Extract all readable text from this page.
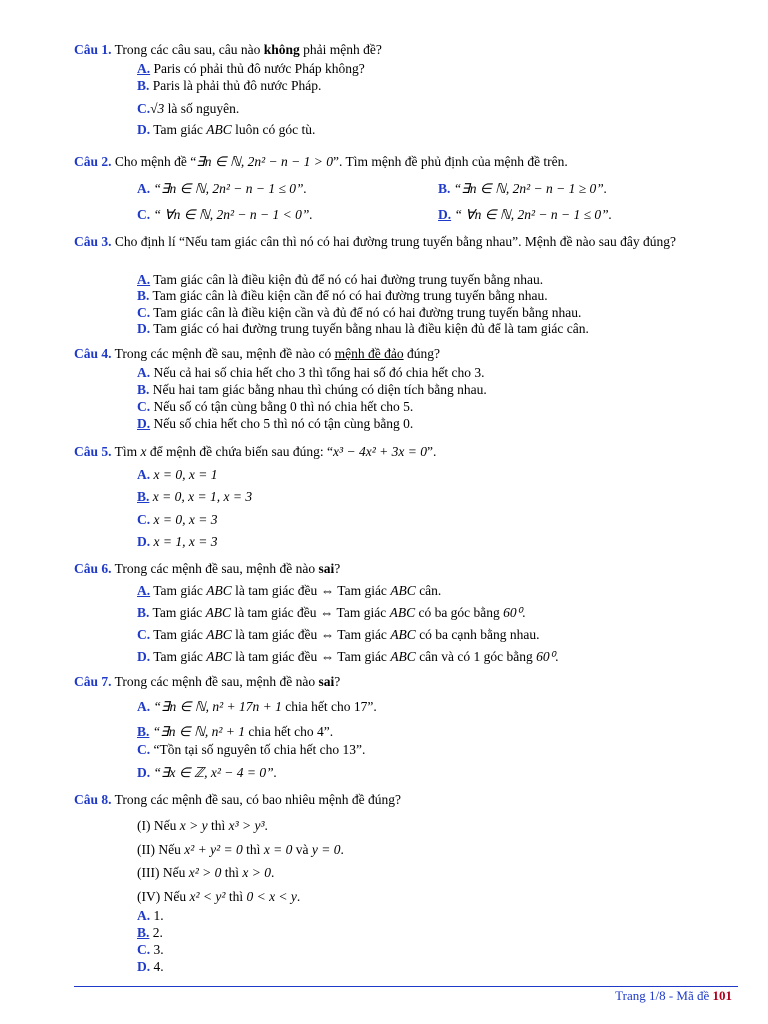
Câu 1. Trong các câu sau, câu nào không phải mệnh đề?
A. Paris có phải thủ đô nước Pháp không?
B. Paris là phải thủ đô nước Pháp.
C.√3 là số nguyên.
D. Tam giác ABC luôn có góc tù.
Câu 2. Cho mệnh đề “∃n ∈ ℕ, 2n² − n − 1 > 0”. Tìm mệnh đề phủ định của mệnh đề trên.
A. “∃n ∈ ℕ, 2n² − n − 1 ≤ 0”.	B. “∃n ∈ ℕ, 2n² − n − 1 ≥ 0”.
C. “ ∀n ∈ ℕ, 2n² − n − 1 < 0”.	D. “ ∀n ∈ ℕ, 2n² − n − 1 ≤ 0”.
Câu 3. Cho định lí “Nếu tam giác cân thì nó có hai đường trung tuyến bằng nhau”. Mệnh đề nào sau đây đúng?
A. Tam giác cân là điều kiện đủ để nó có hai đường trung tuyến bằng nhau.
B. Tam giác cân là điều kiện cần để nó có hai đường trung tuyến bằng nhau.
C. Tam giác cân là điều kiện cần và đủ để nó có hai đường trung tuyến bằng nhau.
D. Tam giác có hai đường trung tuyến bằng nhau là điều kiện đủ để là tam giác cân.
Câu 4. Trong các mệnh đề sau, mệnh đề nào có mệnh đề đảo đúng?
A. Nếu cả hai số chia hết cho 3 thì tổng hai số đó chia hết cho 3.
B. Nếu hai tam giác bằng nhau thì chúng có diện tích bằng nhau.
C. Nếu số có tận cùng bằng 0 thì nó chia hết cho 5.
D. Nếu số chia hết cho 5 thì nó có tận cùng bằng 0.
Câu 5. Tìm x để mệnh đề chứa biến sau đúng: “x³ − 4x² + 3x = 0”.
A. x = 0, x = 1
B. x = 0, x = 1, x = 3
C. x = 0, x = 3
D. x = 1, x = 3
Câu 6. Trong các mệnh đề sau, mệnh đề nào sai?
A. Tam giác ABC là tam giác đều ⇔ Tam giác ABC cân.
B. Tam giác ABC là tam giác đều ⇔ Tam giác ABC có ba góc bằng 60⁰.
C. Tam giác ABC là tam giác đều ⇔ Tam giác ABC có ba cạnh bằng nhau.
D. Tam giác ABC là tam giác đều ⇔ Tam giác ABC cân và có 1 góc bằng 60⁰.
Câu 7. Trong các mệnh đề sau, mệnh đề nào sai?
A. “∃n ∈ ℕ, n² + 17n + 1 chia hết cho 17”.
B. “∃n ∈ ℕ, n² + 1 chia hết cho 4”.
C. “Tồn tại số nguyên tố chia hết cho 13”.
D. “∃x ∈ ℤ, x² − 4 = 0”.
Câu 8. Trong các mệnh đề sau, có bao nhiêu mệnh đề đúng?
(I) Nếu x > y thì x³ > y³.
(II) Nếu x² + y² = 0 thì x = 0 và y = 0.
(III) Nếu x² > 0 thì x > 0.
(IV) Nếu x² < y² thì 0 < x < y.
A. 1.
B. 2.
C. 3.
D. 4.
Trang 1/8 - Mã đề 101
